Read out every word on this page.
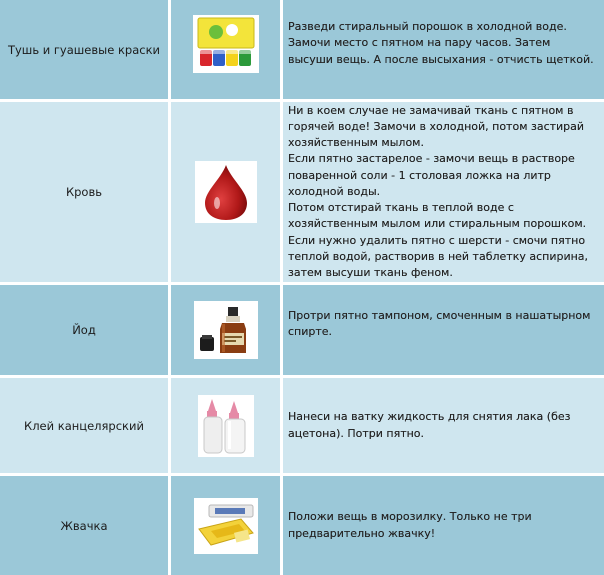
Тушь и гуашевые краски

Разведи стиральный порошок в холодной воде.
Замочи место с пятном на пару часов. Затем
высуши вещь. А после высыхания - отчисть щеткой.

Кровь

Ни в коем случае не замачивай ткань с пятном в
горячей воде! Замочи в холодной, потом застирай
хозяйственным мылом.
Если пятно застарелое - замочи вещь в растворе
поваренной соли - 1 столовая ложка на литр
холодной воды.
Потом отстирай ткань в теплой воде с
хозяйственным мылом или стиральным порошком.
Если нужно удалить пятно с шерсти - смочи пятно
теплой водой, растворив в ней таблетку аспирина,
затем высуши ткань феном.

Йод

Протри пятно тампоном, смоченным в нашатырном
спирте.

Клей канцелярский

Нанеси на ватку жидкость для снятия лака (без
ацетона). Потри пятно.

Жвачка

Положи вещь в морозилку. Только не три
предварительно жвачку!
